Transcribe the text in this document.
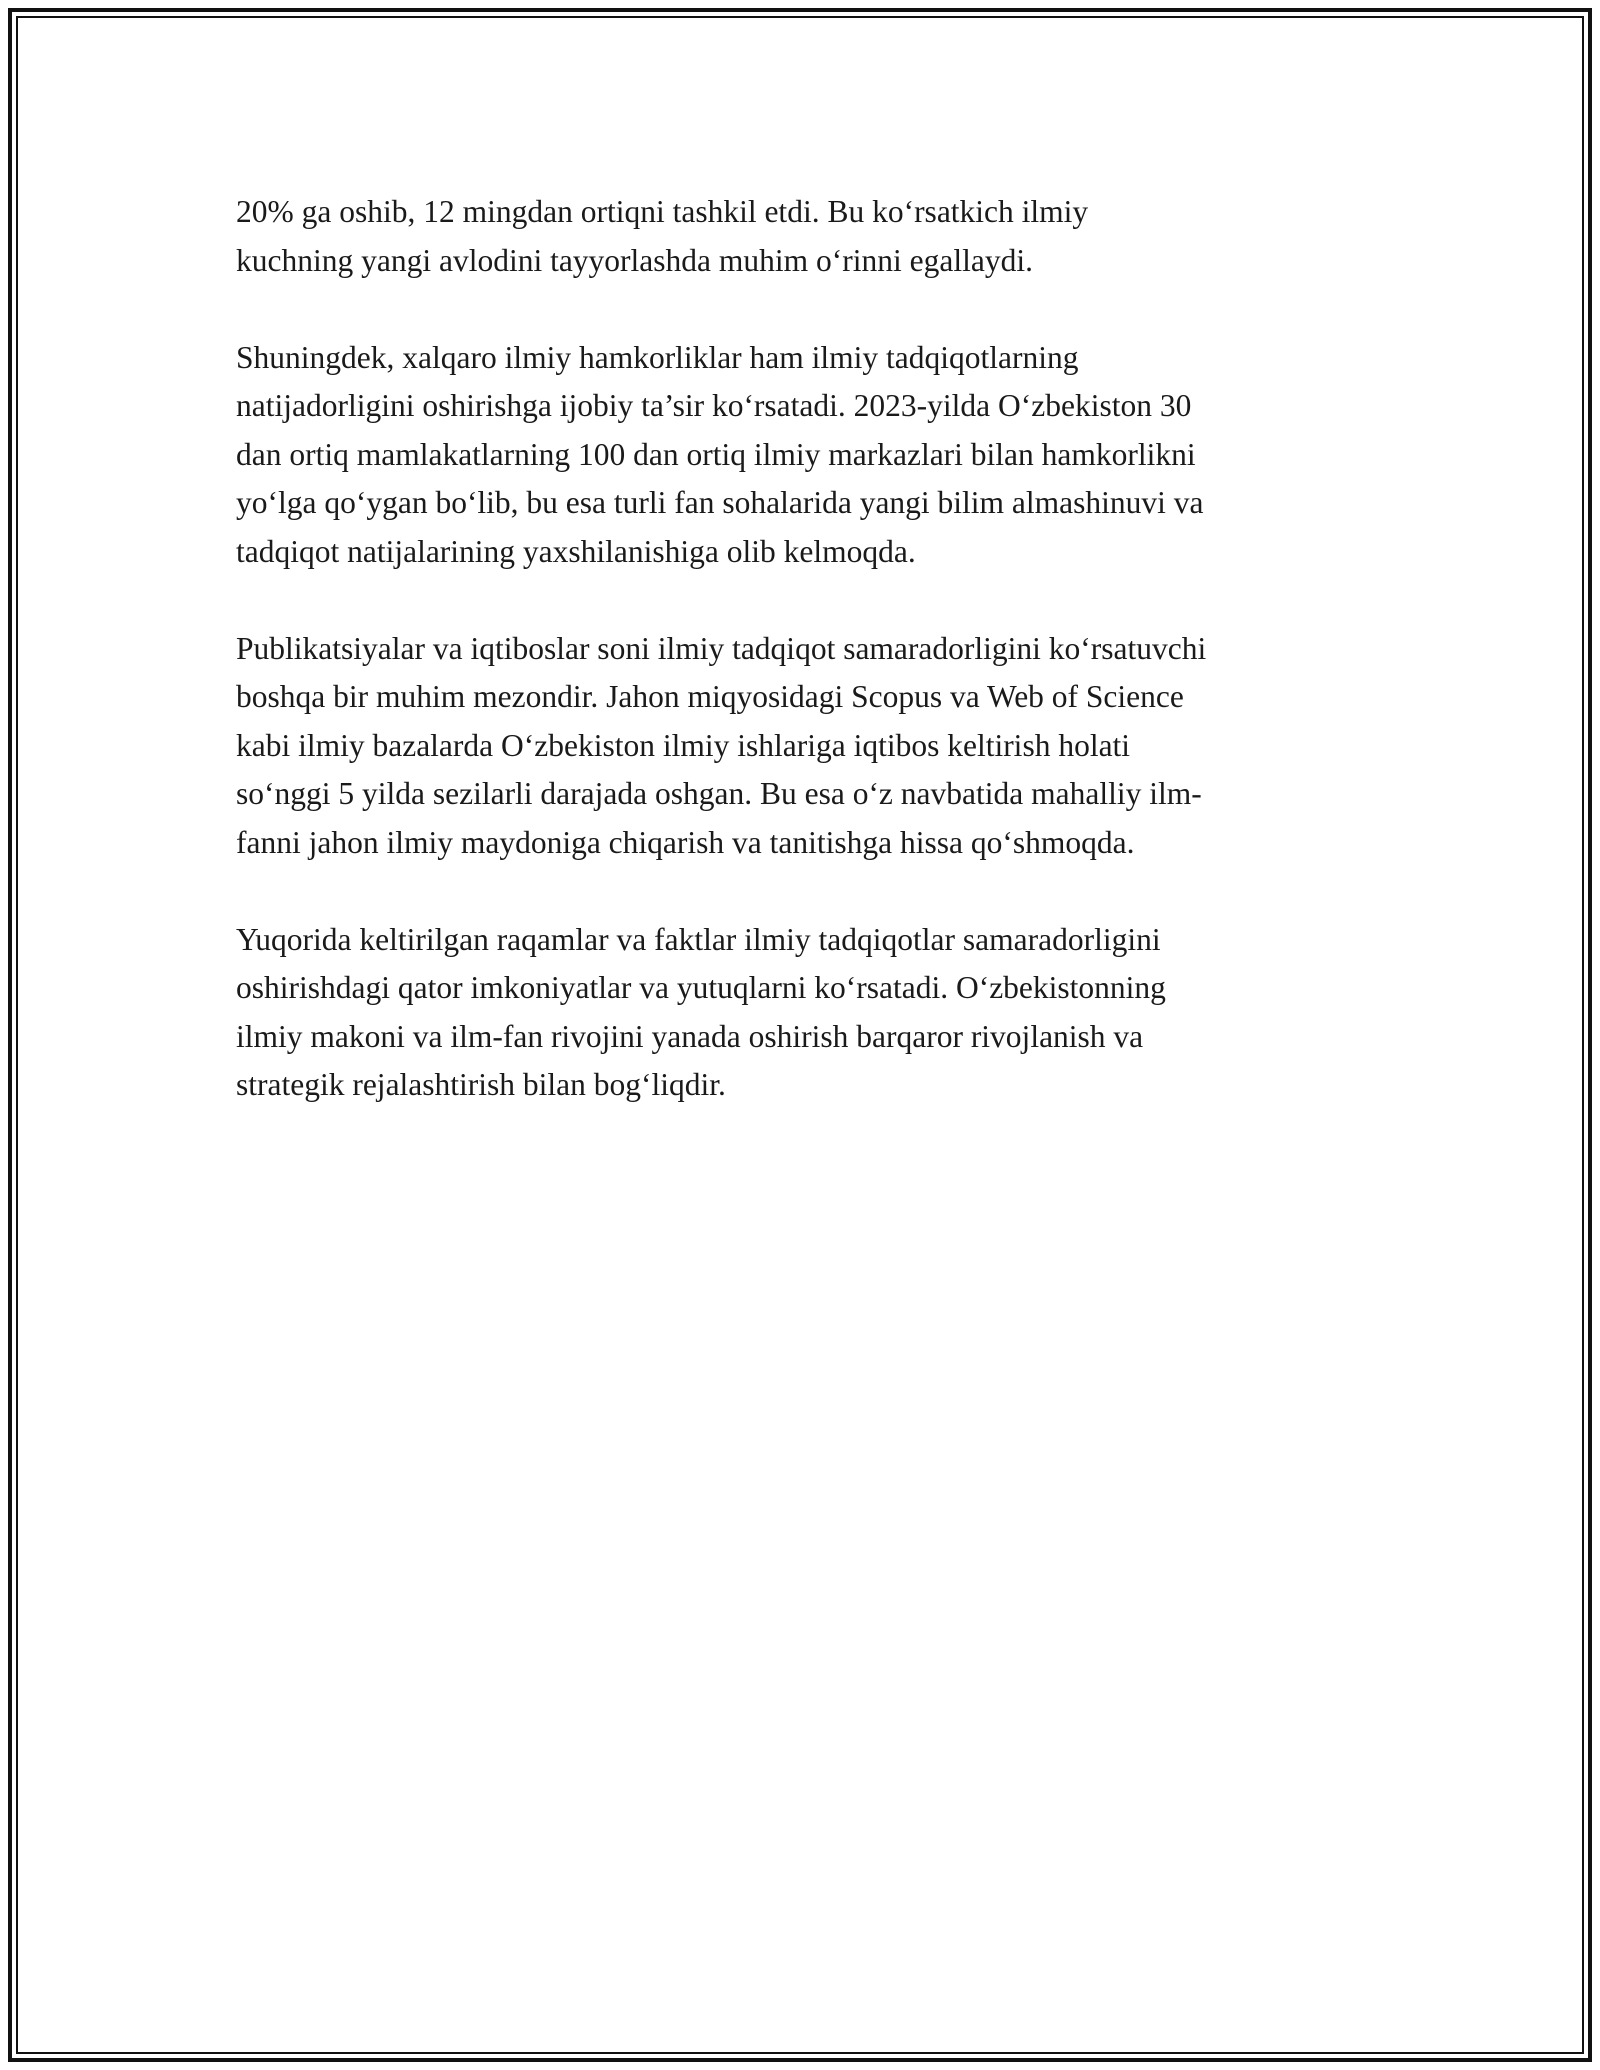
20% ga oshib, 12 mingdan ortiqni tashkil etdi. Bu ko‘rsatkich ilmiy
kuchning yangi avlodini tayyorlashda muhim o‘rinni egallaydi.

Shuningdek, xalqaro ilmiy hamkorliklar ham ilmiy tadqiqotlarning
natijadorligini oshirishga ijobiy ta’sir ko‘rsatadi. 2023-yilda O‘zbekiston 30
dan ortiq mamlakatlarning 100 dan ortiq ilmiy markazlari bilan hamkorlikni
yo‘lga qo‘ygan bo‘lib, bu esa turli fan sohalarida yangi bilim almashinuvi va
tadqiqot natijalarining yaxshilanishiga olib kelmoqda.

Publikatsiyalar va iqtiboslar soni ilmiy tadqiqot samaradorligini ko‘rsatuvchi
boshqa bir muhim mezondir. Jahon miqyosidagi Scopus va Web of Science
kabi ilmiy bazalarda O‘zbekiston ilmiy ishlariga iqtibos keltirish holati
so‘nggi 5 yilda sezilarli darajada oshgan. Bu esa o‘z navbatida mahalliy ilm-
fanni jahon ilmiy maydoniga chiqarish va tanitishga hissa qo‘shmoqda.

Yuqorida keltirilgan raqamlar va faktlar ilmiy tadqiqotlar samaradorligini
oshirishdagi qator imkoniyatlar va yutuqlarni ko‘rsatadi. O‘zbekistonning
ilmiy makoni va ilm-fan rivojini yanada oshirish barqaror rivojlanish va
strategik rejalashtirish bilan bog‘liqdir.
